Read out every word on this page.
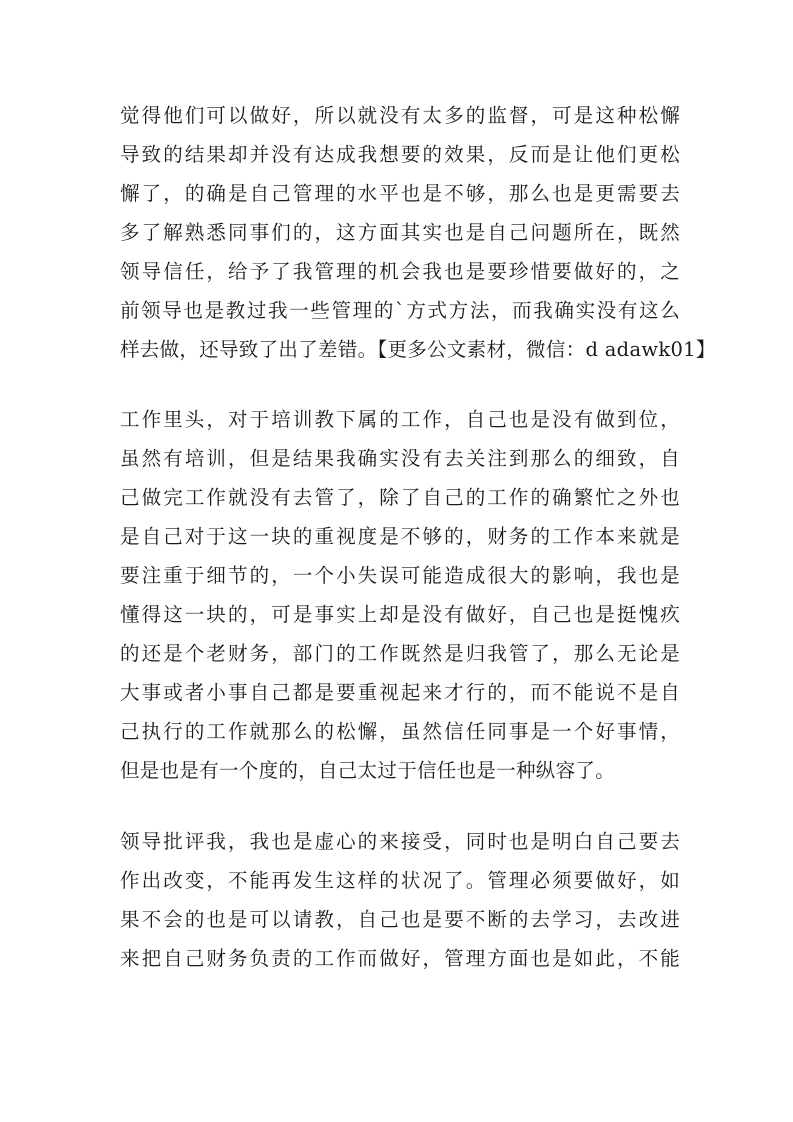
觉得他们可以做好，所以就没有太多的监督，可是这种松懈
导致的结果却并没有达成我想要的效果，反而是让他们更松
懈了，的确是自己管理的水平也是不够，那么也是更需要去
多了解熟悉同事们的，这方面其实也是自己问题所在，既然
领导信任，给予了我管理的机会我也是要珍惜要做好的，之
前领导也是教过我一些管理的`方式方法，而我确实没有这么
样去做，还导致了出了差错。【更多公文素材，微信：d adawk01】
工作里头，对于培训教下属的工作，自己也是没有做到位，
虽然有培训，但是结果我确实没有去关注到那么的细致，自
己做完工作就没有去管了，除了自己的工作的确繁忙之外也
是自己对于这一块的重视度是不够的，财务的工作本来就是
要注重于细节的，一个小失误可能造成很大的影响，我也是
懂得这一块的，可是事实上却是没有做好，自己也是挺愧疚
的还是个老财务，部门的工作既然是归我管了，那么无论是
大事或者小事自己都是要重视起来才行的，而不能说不是自
己执行的工作就那么的松懈，虽然信任同事是一个好事情，
但是也是有一个度的，自己太过于信任也是一种纵容了。
领导批评我，我也是虚心的来接受，同时也是明白自己要去
作出改变，不能再发生这样的状况了。管理必须要做好，如
果不会的也是可以请教，自己也是要不断的去学习，去改进
来把自己财务负责的工作而做好，管理方面也是如此，不能
